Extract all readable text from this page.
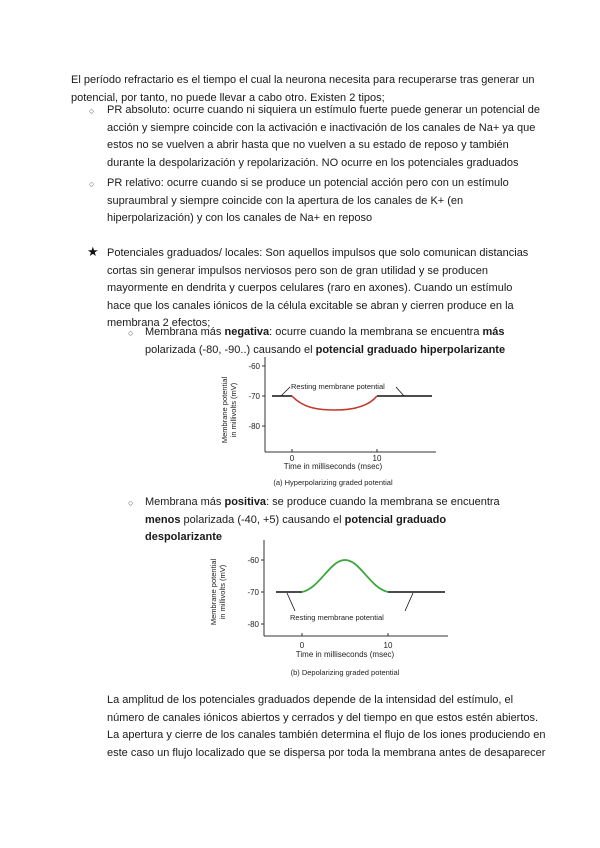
El período refractario es el tiempo el cual la neurona necesita para recuperarse tras generar un potencial, por tanto, no puede llevar a cabo otro. Existen 2 tipos;

○ PR absoluto: ocurre cuando ni siquiera un estímulo fuerte puede generar un potencial de acción y siempre coincide con la activación e inactivación de los canales de Na+ ya que estos no se vuelven a abrir hasta que no vuelven a su estado de reposo y también durante la despolarización y repolarización. NO ocurre en los potenciales graduados
○ PR relativo: ocurre cuando si se produce un potencial acción pero con un estímulo supraumbral y siempre coincide con la apertura de los canales de K+ (en hiperpolarización) y con los canales de Na+ en reposo
★ Potenciales graduados/ locales: Son aquellos impulsos que solo comunican distancias cortas sin generar impulsos nerviosos pero son de gran utilidad y se producen mayormente en dendrita y cuerpos celulares (raro en axones). Cuando un estímulo hace que los canales iónicos de la célula excitable se abran y cierren produce en la membrana 2 efectos;
○ Membrana más negativa: ocurre cuando la membrana se encuentra más polarizada (-80, -90..) causando el potencial graduado hiperpolarizante
Membrane potential in millivolts (mV)
-60
-70
-80
0	10
Time in milliseconds (msec)
(a) Hyperpolarizing graded potential
Resting membrane potential
○ Membrana más positiva: se produce cuando la membrana se encuentra menos polarizada (-40, +5) causando el potencial graduado despolarizante
Membrane potential in millivolts (mV)
-60
-70
-80
0	10
Time in milliseconds (msec)
(b) Depolarizing graded potential
Resting membrane potential
La amplitud de los potenciales graduados depende de la intensidad del estímulo, el número de canales iónicos abiertos y cerrados y del tiempo en que estos estén abiertos. La apertura y cierre de los canales también determina el flujo de los iones produciendo en este caso un flujo localizado que se dispersa por toda la membrana antes de desaparecer
